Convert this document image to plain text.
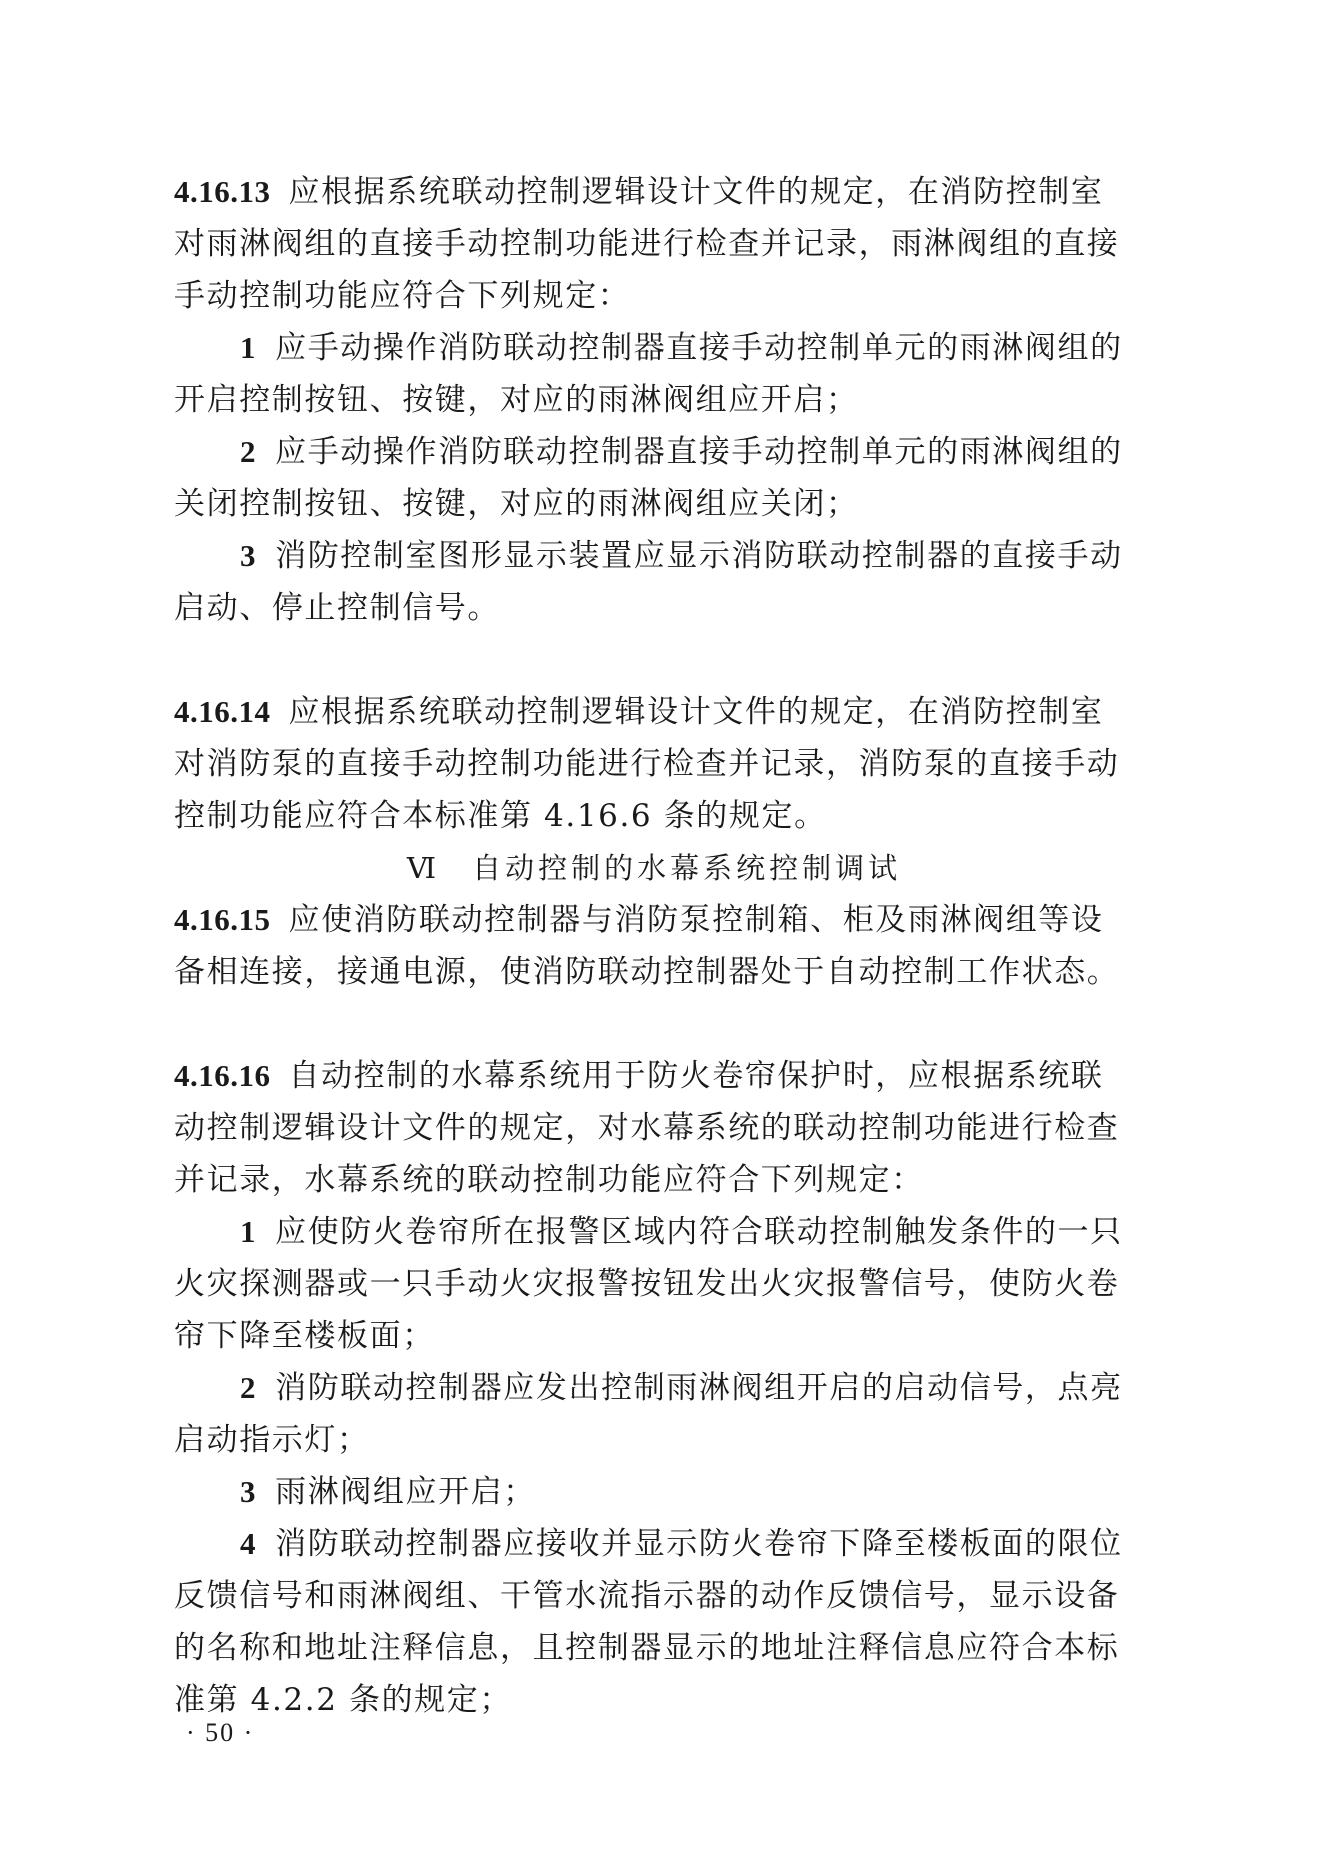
4.16.13 应根据系统联动控制逻辑设计文件的规定，在消防控制室对雨淋阀组的直接手动控制功能进行检查并记录，雨淋阀组的直接手动控制功能应符合下列规定：

1 应手动操作消防联动控制器直接手动控制单元的雨淋阀组的开启控制按钮、按键，对应的雨淋阀组应开启；

2 应手动操作消防联动控制器直接手动控制单元的雨淋阀组的关闭控制按钮、按键，对应的雨淋阀组应关闭；

3 消防控制室图形显示装置应显示消防联动控制器的直接手动启动、停止控制信号。

4.16.14 应根据系统联动控制逻辑设计文件的规定，在消防控制室对消防泵的直接手动控制功能进行检查并记录，消防泵的直接手动控制功能应符合本标准第 4.16.6 条的规定。

Ⅵ 自动控制的水幕系统控制调试

4.16.15 应使消防联动控制器与消防泵控制箱、柜及雨淋阀组等设备相连接，接通电源，使消防联动控制器处于自动控制工作状态。

4.16.16 自动控制的水幕系统用于防火卷帘保护时，应根据系统联动控制逻辑设计文件的规定，对水幕系统的联动控制功能进行检查并记录，水幕系统的联动控制功能应符合下列规定：

1 应使防火卷帘所在报警区域内符合联动控制触发条件的一只火灾探测器或一只手动火灾报警按钮发出火灾报警信号，使防火卷帘下降至楼板面；

2 消防联动控制器应发出控制雨淋阀组开启的启动信号，点亮启动指示灯；

3 雨淋阀组应开启；

4 消防联动控制器应接收并显示防火卷帘下降至楼板面的限位反馈信号和雨淋阀组、干管水流指示器的动作反馈信号，显示设备的名称和地址注释信息，且控制器显示的地址注释信息应符合本标准第 4.2.2 条的规定；

· 50 ·
